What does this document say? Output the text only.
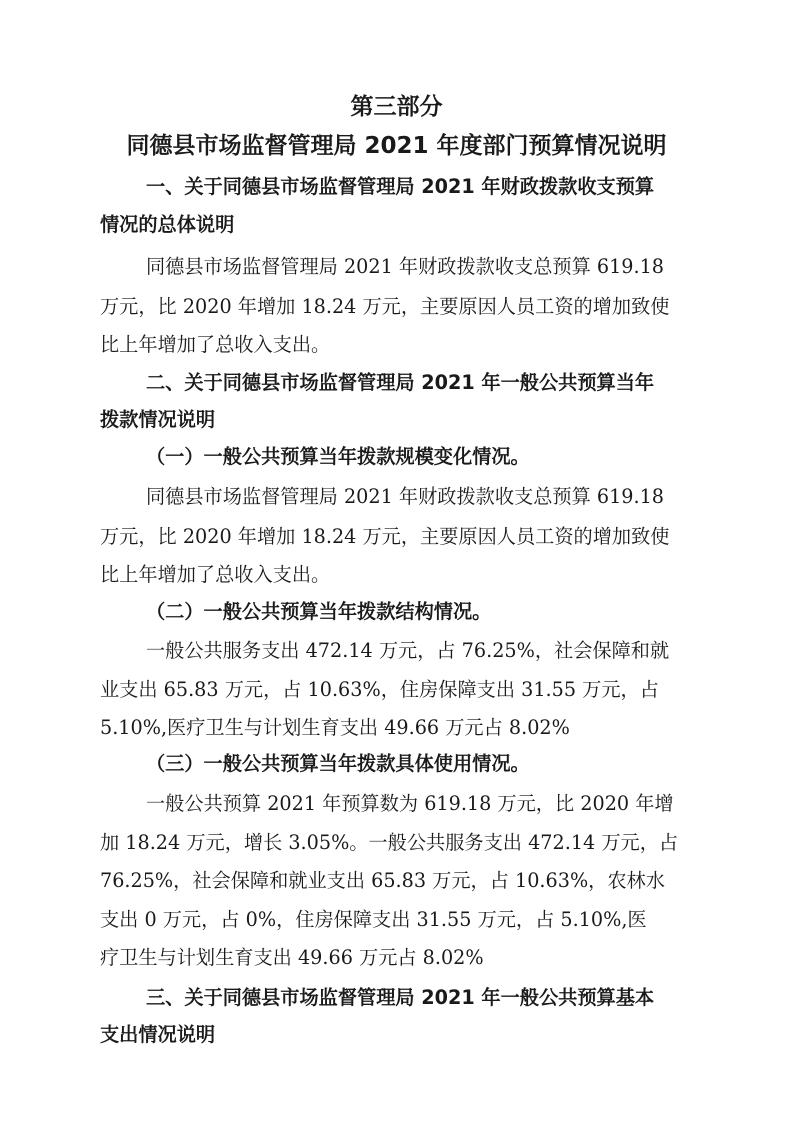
第三部分
同德县市场监督管理局 2021 年度部门预算情况说明
一、关于同德县市场监督管理局 2021 年财政拨款收支预算
情况的总体说明
同德县市场监督管理局 2021 年财政拨款收支总预算 619.18
万元，比 2020 年增加 18.24 万元，主要原因人员工资的增加致使
比上年增加了总收入支出。
二、关于同德县市场监督管理局 2021 年一般公共预算当年
拨款情况说明
（一）一般公共预算当年拨款规模变化情况。
同德县市场监督管理局 2021 年财政拨款收支总预算 619.18
万元，比 2020 年增加 18.24 万元，主要原因人员工资的增加致使
比上年增加了总收入支出。
（二）一般公共预算当年拨款结构情况。
一般公共服务支出 472.14 万元，占 76.25%，社会保障和就
业支出 65.83 万元，占 10.63%，住房保障支出 31.55 万元，占
5.10%,医疗卫生与计划生育支出 49.66 万元占 8.02%
（三）一般公共预算当年拨款具体使用情况。
一般公共预算 2021 年预算数为 619.18 万元，比 2020 年增
加 18.24 万元，增长 3.05%。一般公共服务支出 472.14 万元，占
76.25%，社会保障和就业支出 65.83 万元，占 10.63%，农林水
支出 0 万元，占 0%，住房保障支出 31.55 万元，占 5.10%,医
疗卫生与计划生育支出 49.66 万元占 8.02%
三、关于同德县市场监督管理局 2021 年一般公共预算基本
支出情况说明
